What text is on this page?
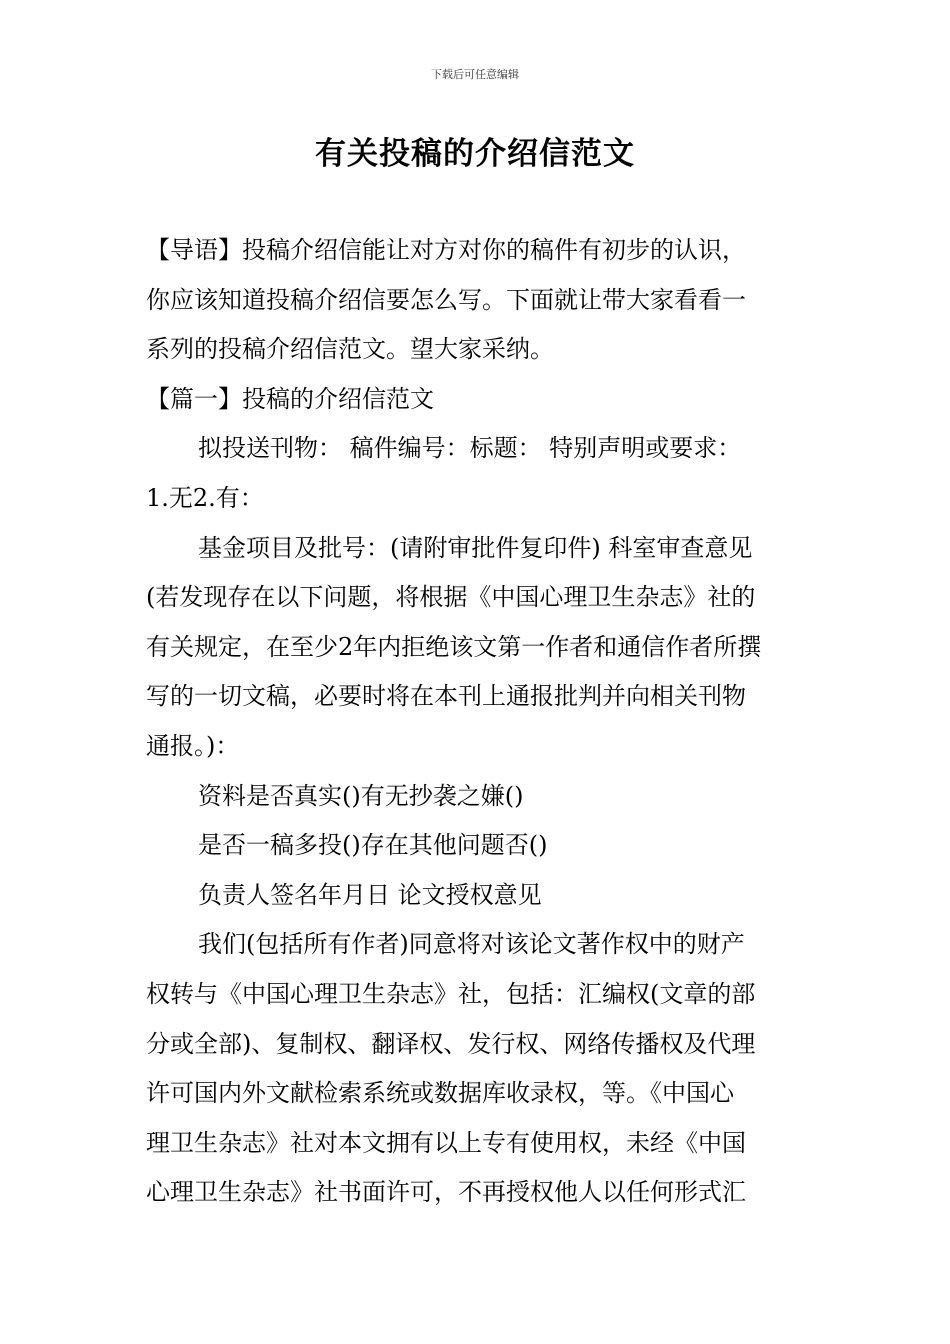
下载后可任意编辑
有关投稿的介绍信范文
【导语】投稿介绍信能让对方对你的稿件有初步的认识，
你应该知道投稿介绍信要怎么写。下面就让带大家看看一
系列的投稿介绍信范文。望大家采纳。
【篇一】投稿的介绍信范文
拟投送刊物： 稿件编号：标题： 特别声明或要求：
1.无2.有：
基金项目及批号：(请附审批件复印件) 科室审查意见
(若发现存在以下问题，将根据《中国心理卫生杂志》社的
有关规定，在至少2年内拒绝该文第一作者和通信作者所撰
写的一切文稿，必要时将在本刊上通报批判并向相关刊物
通报。)：
资料是否真实()有无抄袭之嫌()
是否一稿多投()存在其他问题否()
负责人签名年月日 论文授权意见
我们(包括所有作者)同意将对该论文著作权中的财产
权转与《中国心理卫生杂志》社，包括：汇编权(文章的部
分或全部)、复制权、翻译权、发行权、网络传播权及代理
许可国内外文献检索系统或数据库收录权，等。《中国心
理卫生杂志》社对本文拥有以上专有使用权，未经《中国
心理卫生杂志》社书面许可，不再授权他人以任何形式汇
